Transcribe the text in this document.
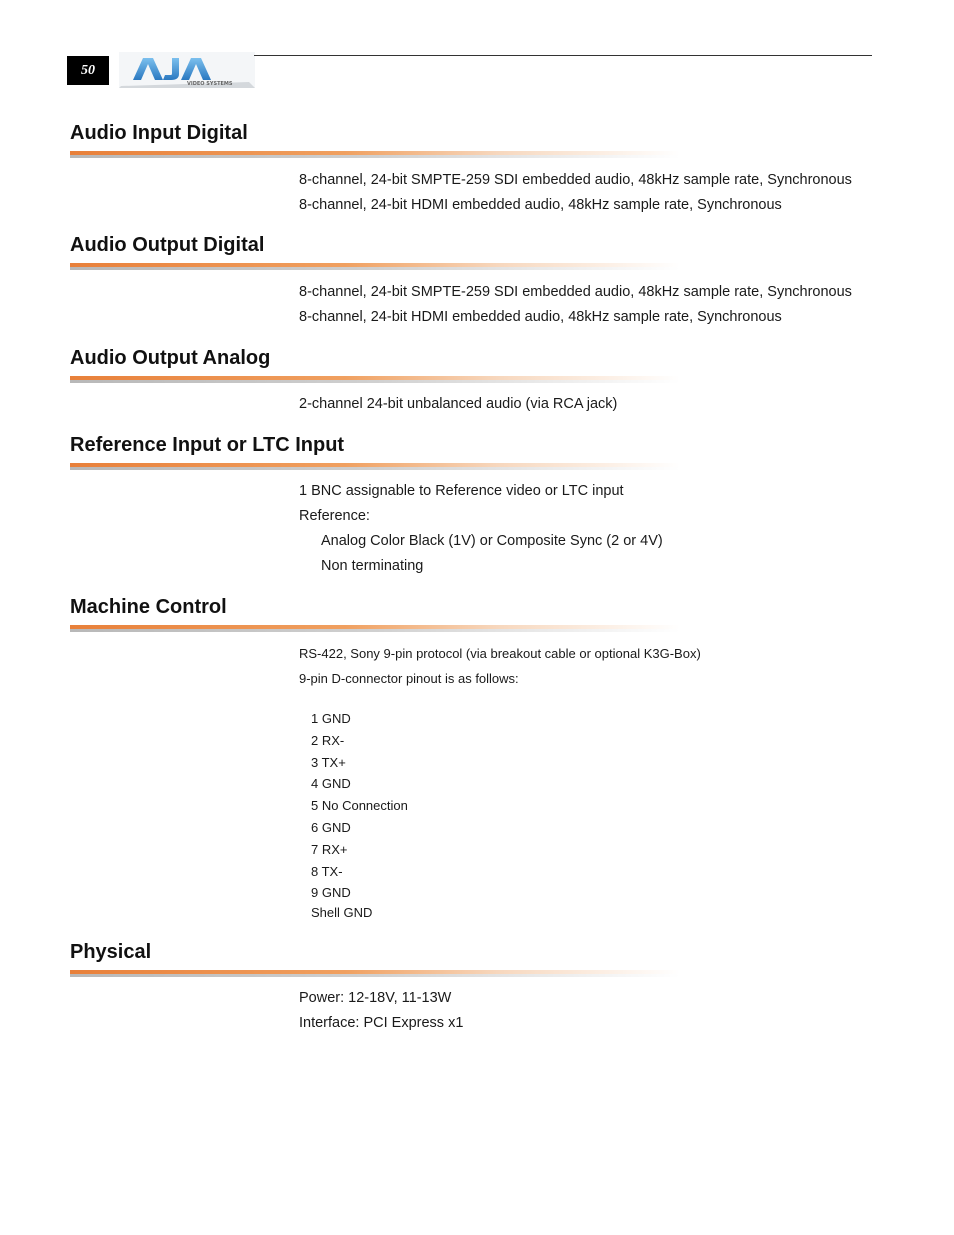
50
VIDEO SYSTEMS
Audio Input Digital
8-channel, 24-bit SMPTE-259 SDI embedded audio, 48kHz sample rate, Synchronous
8-channel, 24-bit HDMI embedded audio, 48kHz sample rate, Synchronous
Audio Output Digital
8-channel, 24-bit SMPTE-259 SDI embedded audio, 48kHz sample rate, Synchronous
8-channel, 24-bit HDMI embedded audio, 48kHz sample rate, Synchronous
Audio Output Analog
2-channel 24-bit unbalanced audio (via RCA jack)
Reference Input or LTC Input
1 BNC assignable to Reference video or LTC input
Reference:
Analog Color Black (1V) or Composite Sync (2 or 4V)
Non terminating
Machine Control
RS-422, Sony 9-pin protocol (via breakout cable or optional K3G-Box)
9-pin D-connector pinout is as follows:
1 GND
2 RX-
3 TX+
4 GND
5 No Connection
6 GND
7 RX+
8 TX-
9 GND
Shell GND
Physical
Power: 12-18V, 11-13W
Interface: PCI Express x1
